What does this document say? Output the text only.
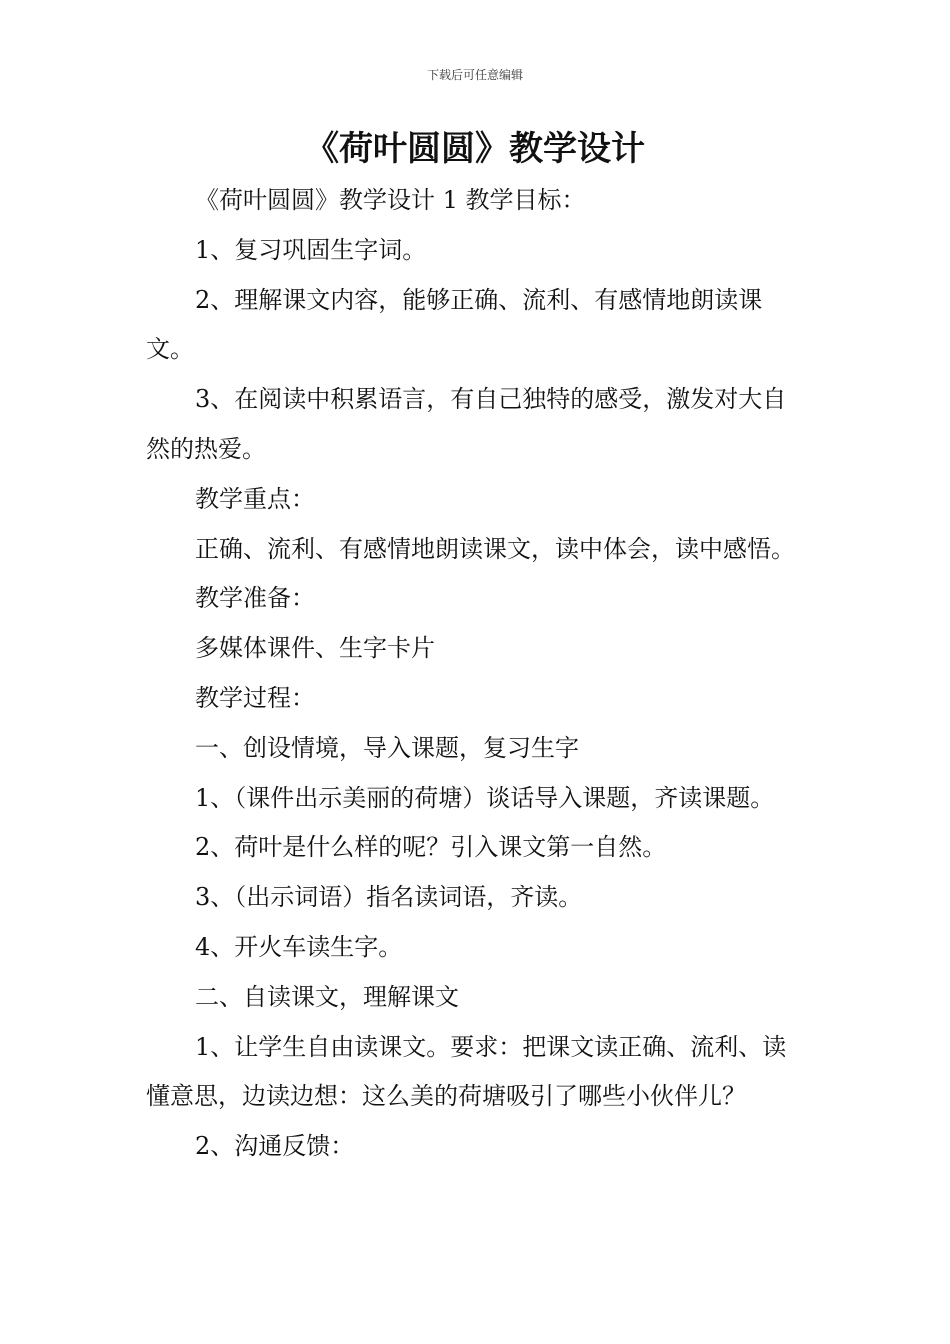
下载后可任意编辑
《荷叶圆圆》教学设计

《荷叶圆圆》教学设计 1 教学目标：

1、复习巩固生字词。

2、理解课文内容，能够正确、流利、有感情地朗读课文。

3、在阅读中积累语言，有自己独特的感受，激发对大自然的热爱。

教学重点：

正确、流利、有感情地朗读课文，读中体会，读中感悟。

教学准备：

多媒体课件、生字卡片

教学过程：

一、创设情境，导入课题，复习生字

1、（课件出示美丽的荷塘）谈话导入课题，齐读课题。

2、荷叶是什么样的呢？引入课文第一自然。

3、（出示词语）指名读词语，齐读。

4、开火车读生字。

二、自读课文，理解课文

1、让学生自由读课文。要求：把课文读正确、流利、读懂意思，边读边想：这么美的荷塘吸引了哪些小伙伴儿？

2、沟通反馈：
